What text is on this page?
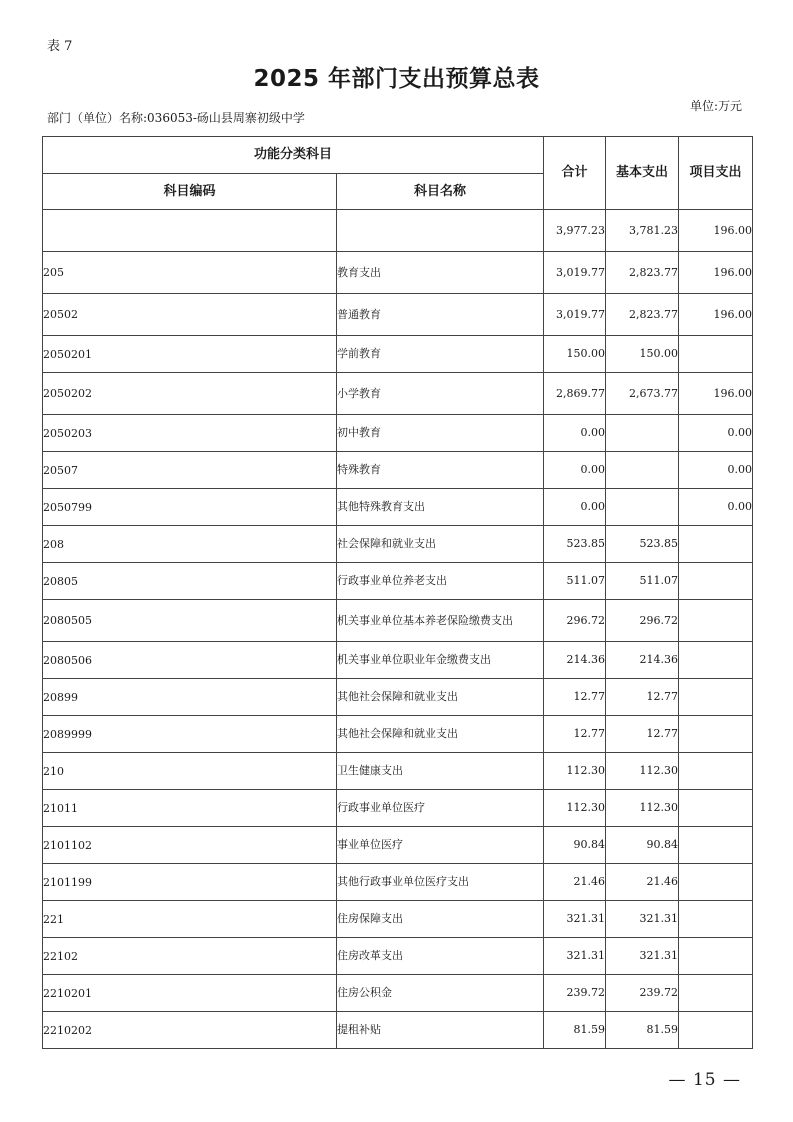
表 7
2025 年部门支出预算总表
部门（单位）名称:036053-砀山县周寨初级中学
单位:万元
功能分类科目		合计	基本支出	项目支出
科目编码	科目名称			
		3,977.23	3,781.23	196.00
205	教育支出	3,019.77	2,823.77	196.00
20502	普通教育	3,019.77	2,823.77	196.00
2050201	学前教育	150.00	150.00	
2050202	小学教育	2,869.77	2,673.77	196.00
2050203	初中教育	0.00		0.00
20507	特殊教育	0.00		0.00
2050799	其他特殊教育支出	0.00		0.00
208	社会保障和就业支出	523.85	523.85	
20805	行政事业单位养老支出	511.07	511.07	
2080505	机关事业单位基本养老保险缴费支出	296.72	296.72	
2080506	机关事业单位职业年金缴费支出	214.36	214.36	
20899	其他社会保障和就业支出	12.77	12.77	
2089999	其他社会保障和就业支出	12.77	12.77	
210	卫生健康支出	112.30	112.30	
21011	行政事业单位医疗	112.30	112.30	
2101102	事业单位医疗	90.84	90.84	
2101199	其他行政事业单位医疗支出	21.46	21.46	
221	住房保障支出	321.31	321.31	
22102	住房改革支出	321.31	321.31	
2210201	住房公积金	239.72	239.72	
2210202	提租补贴	81.59	81.59	
— 15 —
